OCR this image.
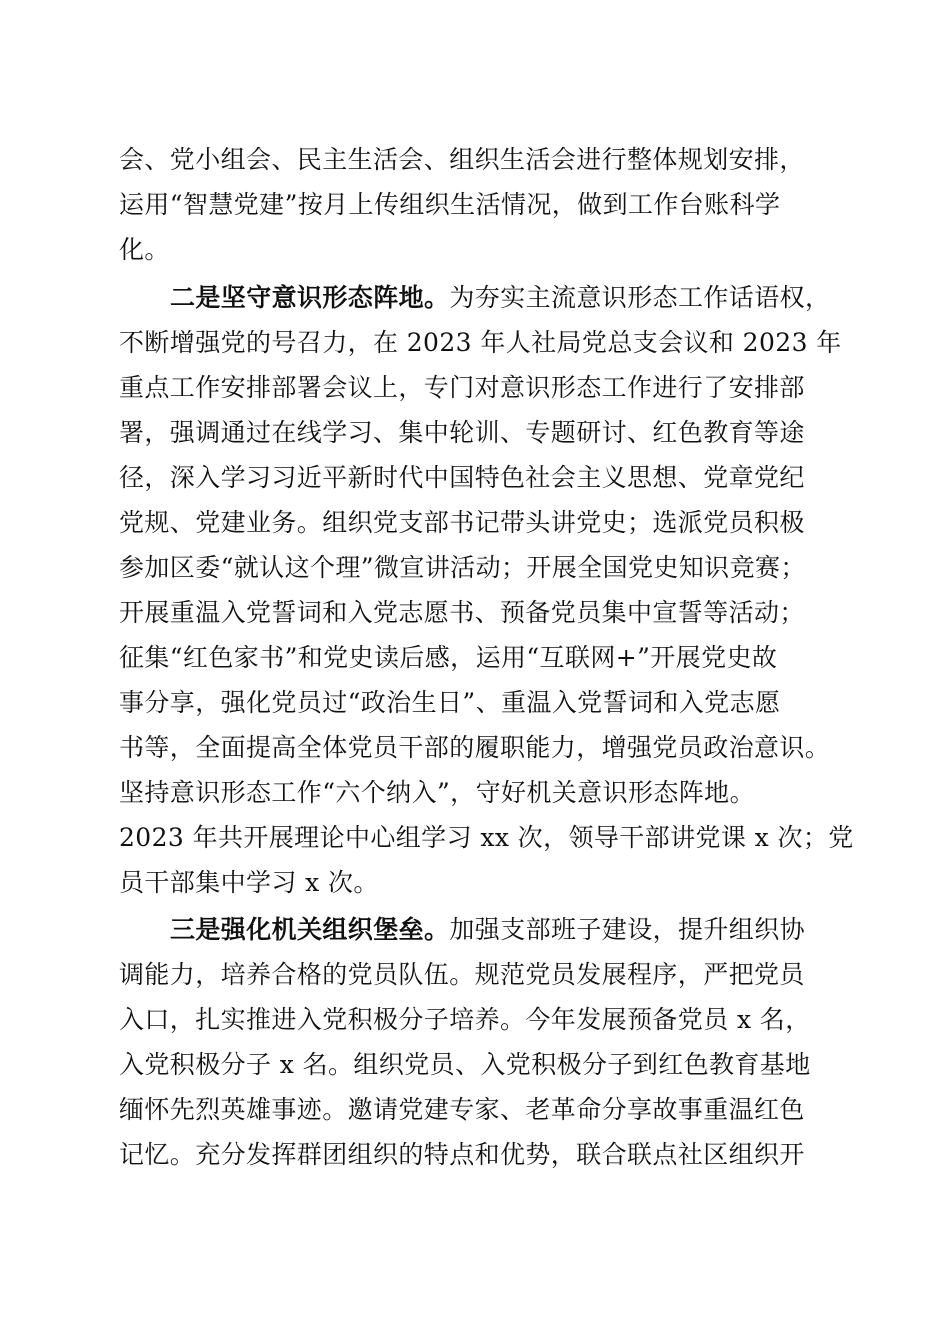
会、党小组会、民主生活会、组织生活会进行整体规划安排，
运用“智慧党建”按月上传组织生活情况，做到工作台账科学
化。
二是坚守意识形态阵地。为夯实主流意识形态工作话语权，
不断增强党的号召力，在 2023 年人社局党总支会议和 2023 年
重点工作安排部署会议上，专门对意识形态工作进行了安排部
署，强调通过在线学习、集中轮训、专题研讨、红色教育等途
径，深入学习习近平新时代中国特色社会主义思想、党章党纪
党规、党建业务。组织党支部书记带头讲党史；选派党员积极
参加区委“就认这个理”微宣讲活动；开展全国党史知识竞赛；
开展重温入党誓词和入党志愿书、预备党员集中宣誓等活动；
征集“红色家书”和党史读后感，运用“互联网+”开展党史故
事分享，强化党员过“政治生日”、重温入党誓词和入党志愿
书等，全面提高全体党员干部的履职能力，增强党员政治意识。
坚持意识形态工作“六个纳入”，守好机关意识形态阵地。
2023 年共开展理论中心组学习 xx 次，领导干部讲党课 x 次；党
员干部集中学习 x 次。
三是强化机关组织堡垒。加强支部班子建设，提升组织协
调能力，培养合格的党员队伍。规范党员发展程序，严把党员
入口，扎实推进入党积极分子培养。今年发展预备党员 x 名，
入党积极分子 x 名。组织党员、入党积极分子到红色教育基地
缅怀先烈英雄事迹。邀请党建专家、老革命分享故事重温红色
记忆。充分发挥群团组织的特点和优势，联合联点社区组织开
